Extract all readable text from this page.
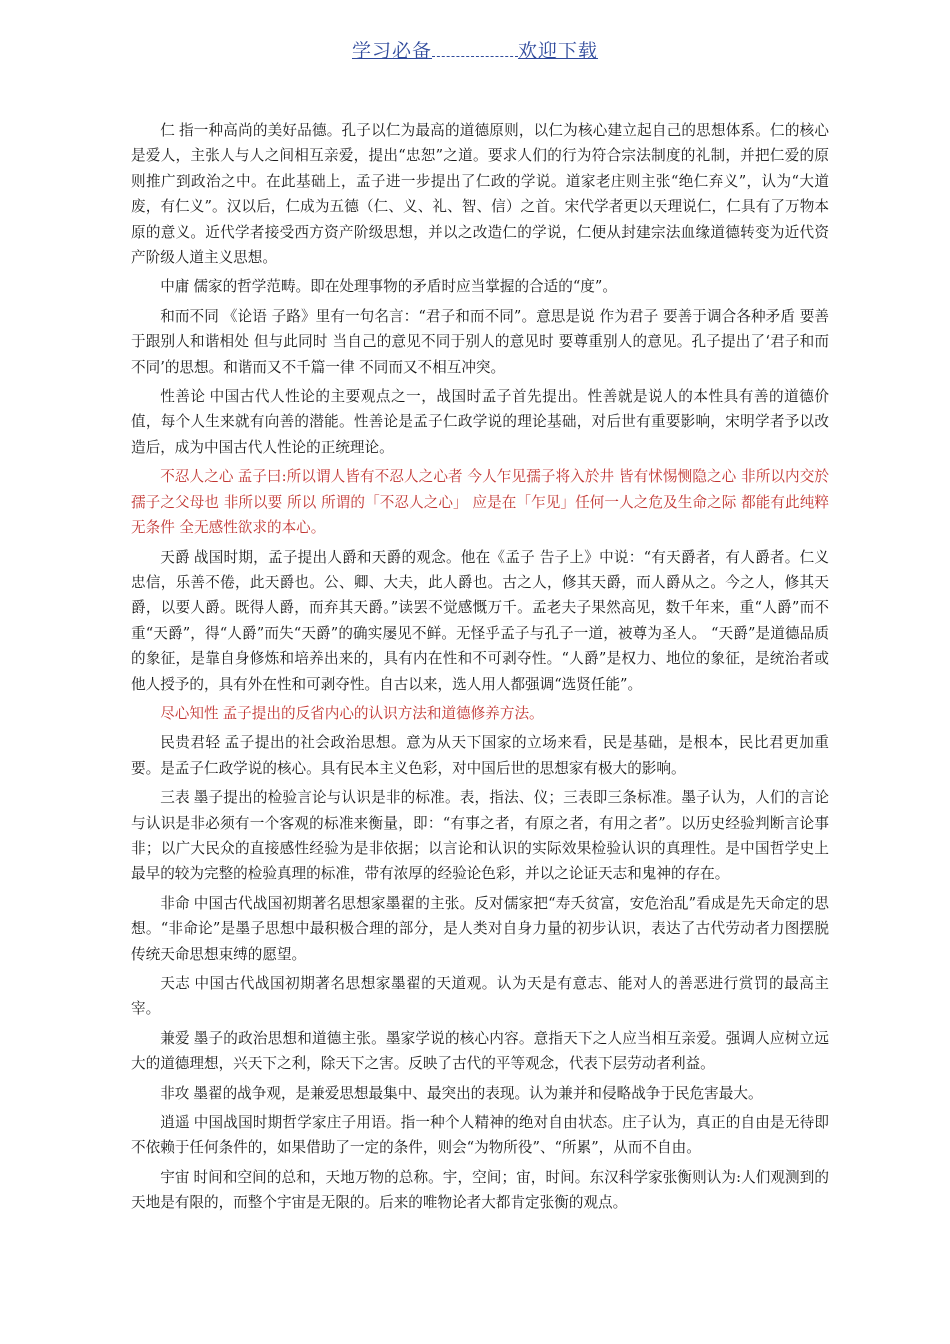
学习必备	欢迎下载

仁 指一种高尚的美好品德。孔子以仁为最高的道德原则，以仁为核心建立起自己的思想体系。仁的核心是爱人，主张人与人之间相互亲爱，提出“忠恕”之道。要求人们的行为符合宗法制度的礼制，并把仁爱的原则推广到政治之中。在此基础上，孟子进一步提出了仁政的学说。道家老庄则主张“绝仁弃义”，认为“大道废，有仁义”。汉以后，仁成为五德（仁、义、礼、智、信）之首。宋代学者更以天理说仁，仁具有了万物本原的意义。近代学者接受西方资产阶级思想，并以之改造仁的学说，仁便从封建宗法血缘道德转变为近代资产阶级人道主义思想。

中庸 儒家的哲学范畴。即在处理事物的矛盾时应当掌握的合适的“度”。

和而不同 《论语 子路》里有一句名言：“君子和而不同”。意思是说 作为君子 要善于调合各种矛盾 要善于跟别人和谐相处 但与此同时 当自己的意见不同于别人的意见时 要尊重别人的意见。孔子提出了‘君子和而不同’的思想。和谐而又不千篇一律 不同而又不相互冲突。

性善论 中国古代人性论的主要观点之一，战国时孟子首先提出。性善就是说人的本性具有善的道德价值，每个人生来就有向善的潜能。性善论是孟子仁政学说的理论基础，对后世有重要影响，宋明学者予以改造后，成为中国古代人性论的正统理论。

不忍人之心 孟子曰:所以谓人皆有不忍人之心者 今人乍见孺子将入於井 皆有怵惕恻隐之心 非所以内交於孺子之父母也 非所以要 所以 所谓的「不忍人之心」 应是在「乍见」任何一人之危及生命之际 都能有此纯粹 无条件 全无感性欲求的本心。

天爵 战国时期，孟子提出人爵和天爵的观念。他在《孟子 告子上》中说：“有天爵者，有人爵者。仁义忠信，乐善不倦，此天爵也。公、卿、大夫，此人爵也。古之人，修其天爵，而人爵从之。今之人，修其天爵，以要人爵。既得人爵，而弃其天爵。”读罢不觉感慨万千。孟老夫子果然高见，数千年来，重“人爵”而不重“天爵”，得“人爵”而失“天爵”的确实屡见不鲜。无怪乎孟子与孔子一道，被尊为圣人。 “天爵”是道德品质的象征，是靠自身修炼和培养出来的，具有内在性和不可剥夺性。“人爵”是权力、地位的象征，是统治者或他人授予的，具有外在性和可剥夺性。自古以来，选人用人都强调“选贤任能”。

尽心知性 孟子提出的反省内心的认识方法和道德修养方法。

民贵君轻 孟子提出的社会政治思想。意为从天下国家的立场来看，民是基础，是根本，民比君更加重要。是孟子仁政学说的核心。具有民本主义色彩，对中国后世的思想家有极大的影响。

三表 墨子提出的检验言论与认识是非的标准。表，指法、仪；三表即三条标准。墨子认为，人们的言论与认识是非必须有一个客观的标准来衡量，即：“有事之者，有原之者，有用之者”。以历史经验判断言论事非；以广大民众的直接感性经验为是非依据；以言论和认识的实际效果检验认识的真理性。是中国哲学史上最早的较为完整的检验真理的标准，带有浓厚的经验论色彩，并以之论证天志和鬼神的存在。

非命 中国古代战国初期著名思想家墨翟的主张。反对儒家把“寿夭贫富，安危治乱”看成是先天命定的思想。“非命论”是墨子思想中最积极合理的部分，是人类对自身力量的初步认识，表达了古代劳动者力图摆脱传统天命思想束缚的愿望。

天志 中国古代战国初期著名思想家墨翟的天道观。认为天是有意志、能对人的善恶进行赏罚的最高主宰。

兼爱 墨子的政治思想和道德主张。墨家学说的核心内容。意指天下之人应当相互亲爱。强调人应树立远大的道德理想，兴天下之利，除天下之害。反映了古代的平等观念，代表下层劳动者利益。

非攻 墨翟的战争观，是兼爱思想最集中、最突出的表现。认为兼并和侵略战争于民危害最大。

逍遥 中国战国时期哲学家庄子用语。指一种个人精神的绝对自由状态。庄子认为，真正的自由是无待即不依赖于任何条件的，如果借助了一定的条件，则会“为物所役”、“所累”，从而不自由。

宇宙 时间和空间的总和，天地万物的总称。宇，空间；宙，时间。东汉科学家张衡则认为:人们观测到的天地是有限的，而整个宇宙是无限的。后来的唯物论者大都肯定张衡的观点。
